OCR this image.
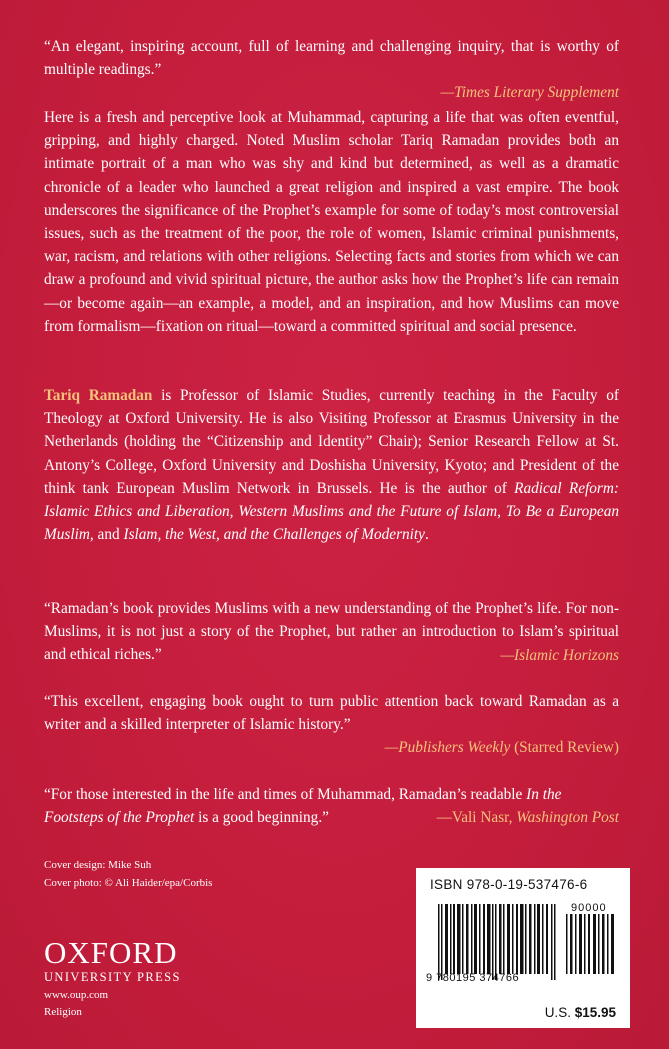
“An elegant, inspiring account, full of learning and challenging inquiry, that is worthy of multiple readings.”
—Times Literary Supplement
Here is a fresh and perceptive look at Muhammad, capturing a life that was often eventful, gripping, and highly charged. Noted Muslim scholar Tariq Ramadan provides both an intimate portrait of a man who was shy and kind but determined, as well as a dramatic chronicle of a leader who launched a great religion and inspired a vast empire. The book underscores the significance of the Prophet’s example for some of today’s most controversial issues, such as the treatment of the poor, the role of women, Islamic criminal punishments, war, racism, and relations with other religions. Selecting facts and stories from which we can draw a profound and vivid spiritual picture, the author asks how the Prophet’s life can remain—or become again—an example, a model, and an inspiration, and how Muslims can move from formalism—fixation on ritual—toward a committed spiritual and social presence.
Tariq Ramadan is Professor of Islamic Studies, currently teaching in the Faculty of Theology at Oxford University. He is also Visiting Professor at Erasmus University in the Netherlands (holding the “Citizenship and Identity” Chair); Senior Research Fellow at St. Antony’s College, Oxford University and Doshisha University, Kyoto; and President of the think tank European Muslim Network in Brussels. He is the author of Radical Reform: Islamic Ethics and Liberation, Western Muslims and the Future of Islam, To Be a European Muslim, and Islam, the West, and the Challenges of Modernity.
“Ramadan’s book provides Muslims with a new understanding of the Prophet’s life. For non-Muslims, it is not just a story of the Prophet, but rather an introduction to Islam’s spiritual and ethical riches.”	—Islamic Horizons
“This excellent, engaging book ought to turn public attention back toward Ramadan as a writer and a skilled interpreter of Islamic history.”
—Publishers Weekly (Starred Review)
“For those interested in the life and times of Muhammad, Ramadan’s readable In the Footsteps of the Prophet is a good beginning.”	—Vali Nasr, Washington Post
Cover design: Mike Suh
Cover photo: © Ali Haider/epa/Corbis
OXFORD
UNIVERSITY PRESS
www.oup.com
Religion
ISBN 978-0-19-537476-6
90000
9 780195 374766
U.S. $15.95
